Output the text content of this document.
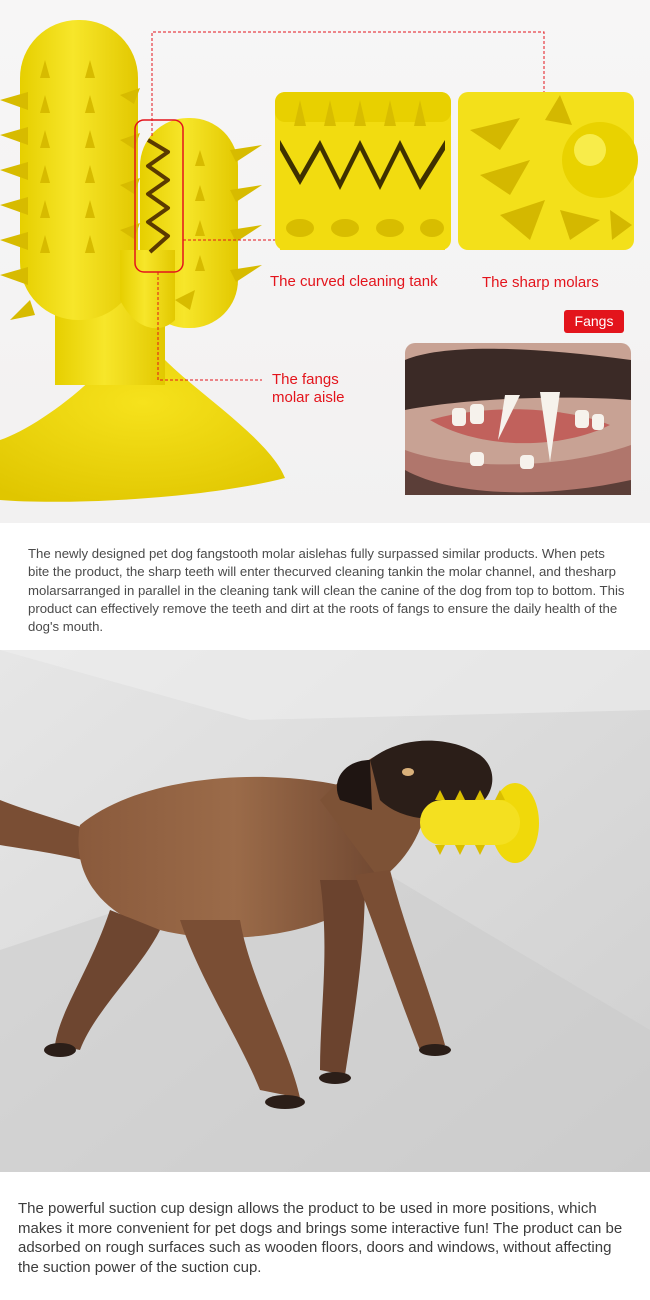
The curved cleaning tank	The sharp molars
Fangs
The fangs
molar aisle

The newly designed pet dog fangstooth molar aislehas fully surpassed similar products. When pets bite the product, the sharp teeth will enter thecurved cleaning tankin the molar channel, and thesharp molarsarranged in parallel in the cleaning tank will clean the canine of the dog from top to bottom. This product can effectively remove the teeth and dirt at the roots of fangs to ensure the daily health of the dog's mouth.

The powerful suction cup design allows the product to be used in more positions, which makes it more convenient for pet dogs and brings some interactive fun! The product can be adsorbed on rough surfaces such as wooden floors, doors and windows, without affecting the suction power of the suction cup.
